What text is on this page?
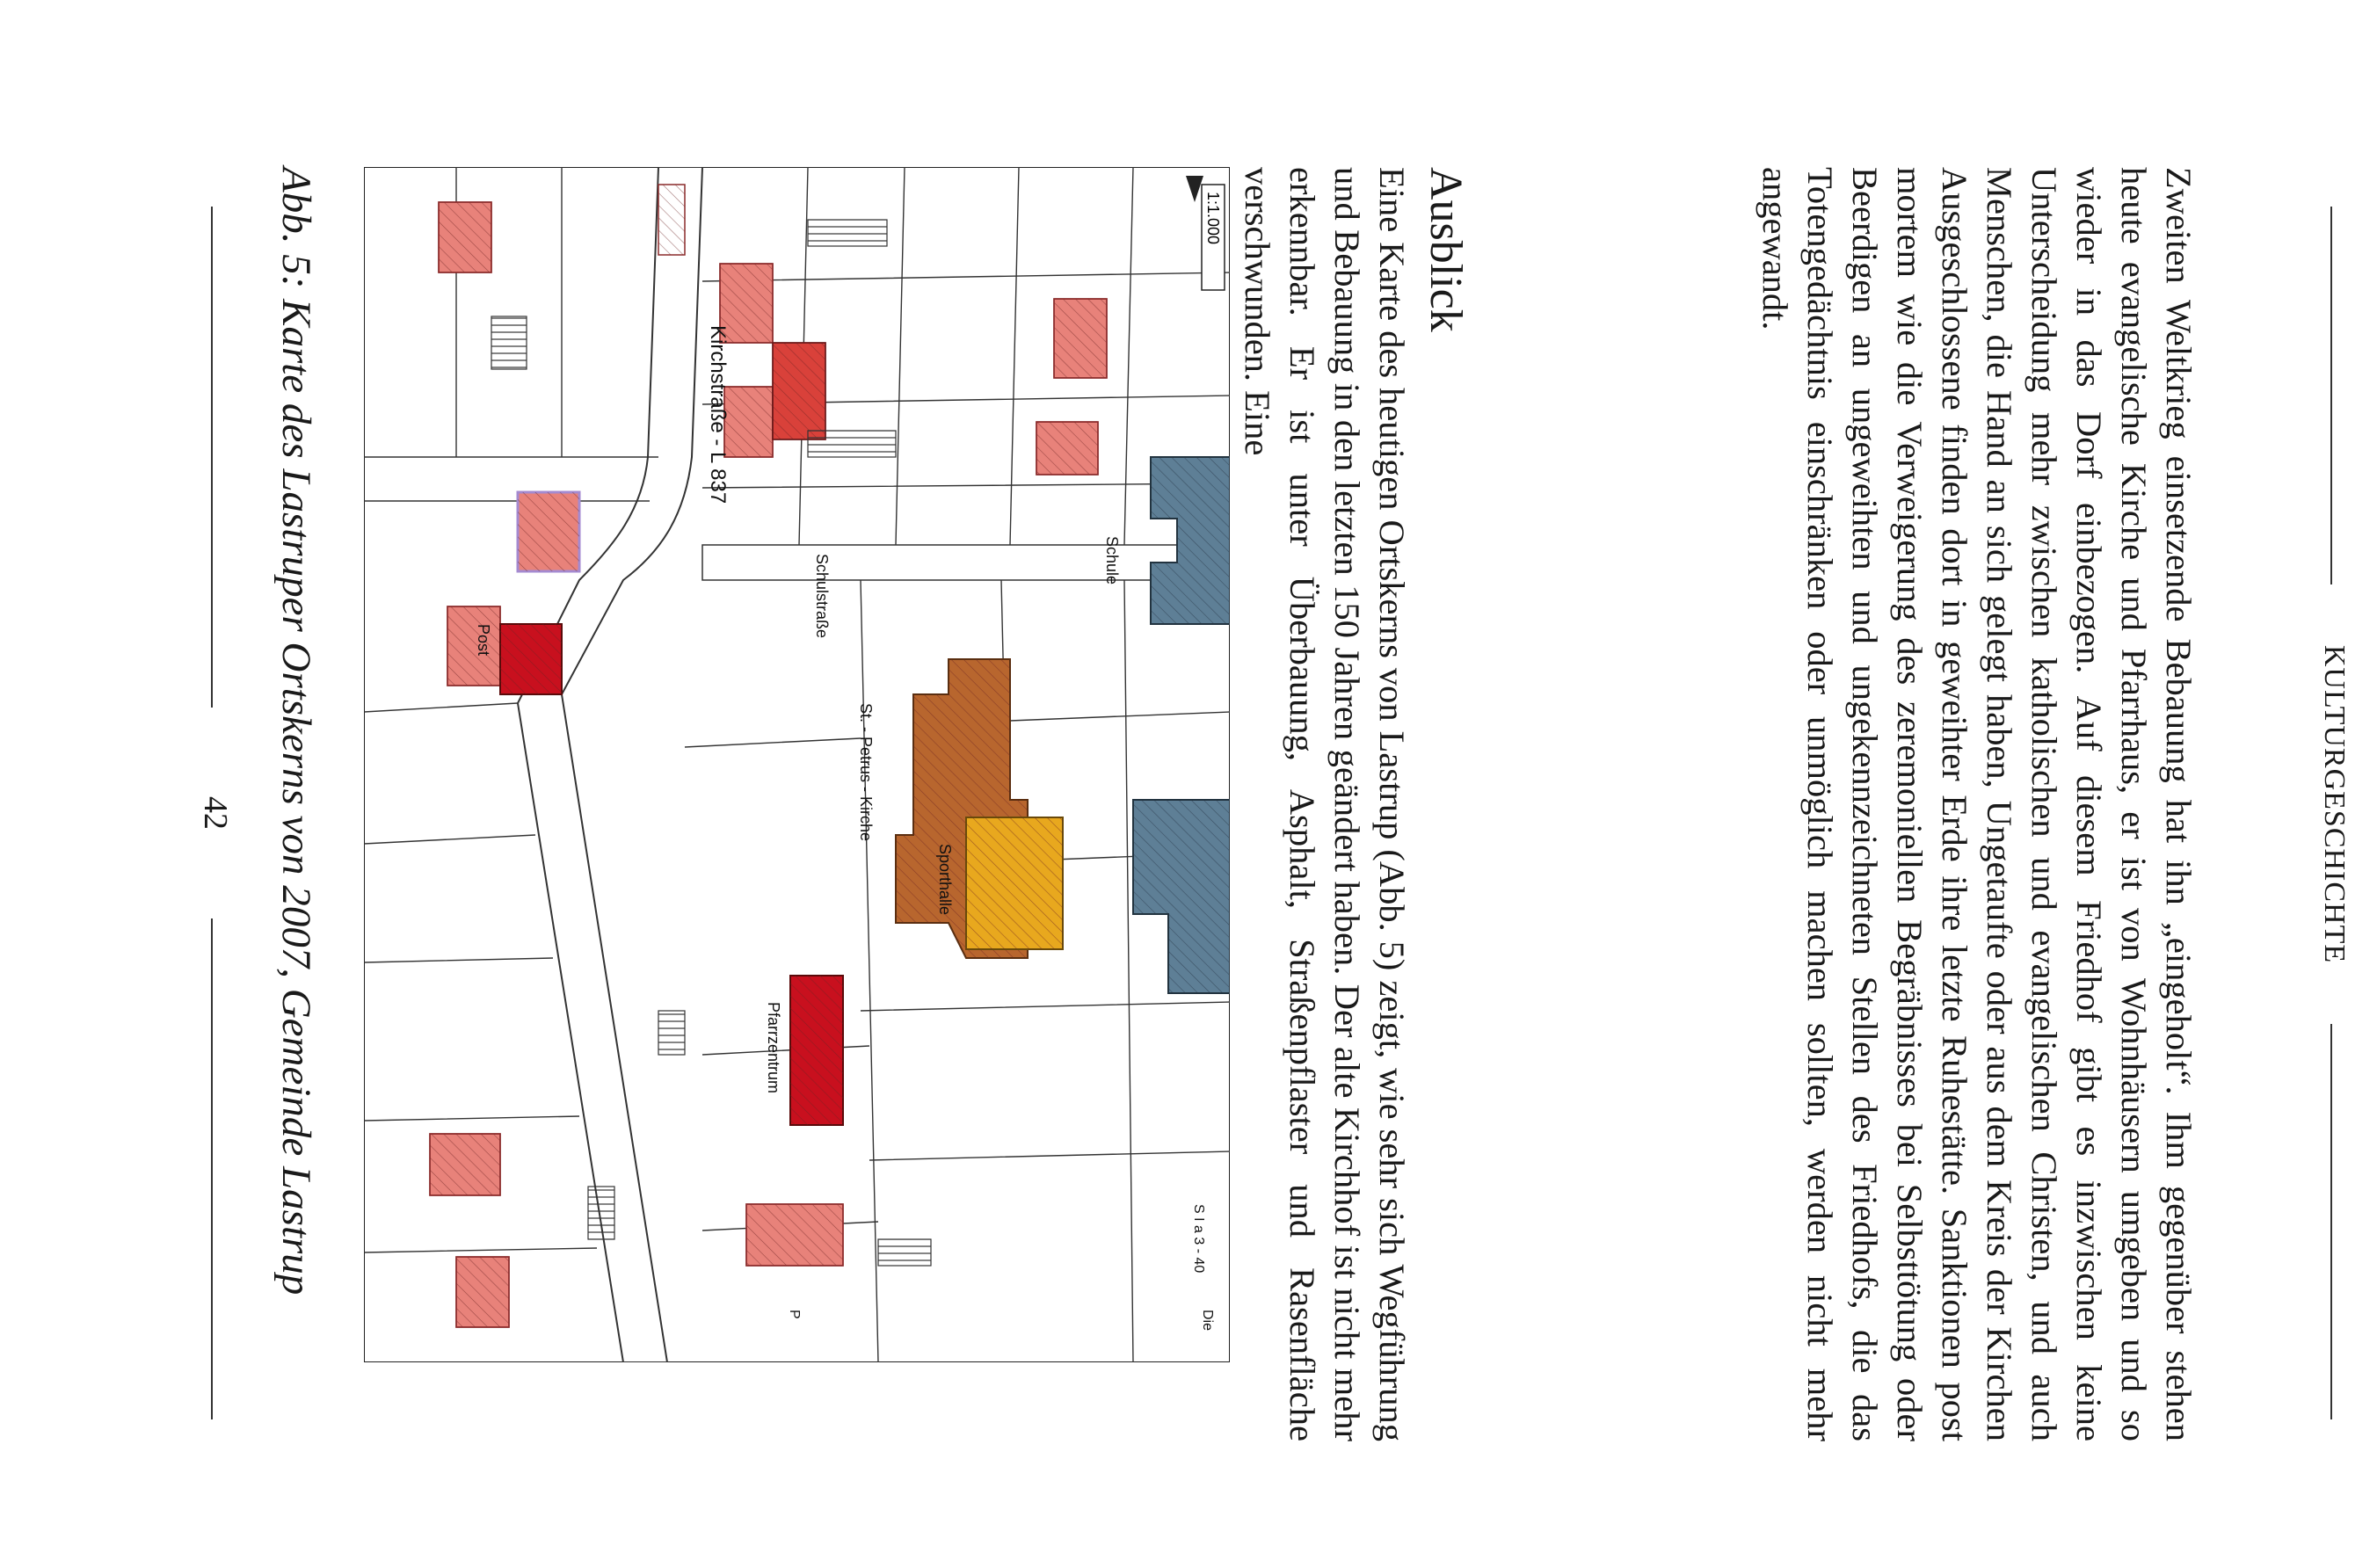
KULTURGESCHICHTE

Zweiten Weltkrieg einsetzende Bebauung hat ihn „eingeholt“. Ihm gegenüber stehen heute evangelische Kirche und Pfarrhaus, er ist von Wohnhäusern umgeben und so wieder in das Dorf einbezogen. Auf diesem Friedhof gibt es inzwischen keine Unterscheidung mehr zwischen katholischen und evangelischen Christen, und auch Menschen, die Hand an sich gelegt haben, Ungetaufte oder aus dem Kreis der Kirchen Ausgeschlossene finden dort in geweihter Erde ihre letzte Ruhestätte. Sanktionen post mortem wie die Verweigerung des zeremoniellen Begräbnisses bei Selbsttötung oder Beerdigen an ungeweihten und ungekennzeichneten Stellen des Friedhofs, die das Totengedächtnis einschränken oder unmöglich machen sollten, werden nicht mehr angewandt.

Ausblick

Eine Karte des heutigen Ortskerns von Lastrup (Abb. 5) zeigt, wie sehr sich Wegführung und Bebauung in den letzten 150 Jahren geändert haben. Der alte Kirchhof ist nicht mehr erkennbar. Er ist unter Überbauung, Asphalt, Straßenpflaster und Rasenfläche verschwunden. Eine

Kirchstraße - L 837
Schulstraße
St. - Petrus - Kirche
Schule
Sporthalle
Pfarrzentrum
Post
Die
P
S I a 3 - 40
1:1.000

Abb. 5: Karte des Lastruper Ortskerns von 2007, Gemeinde Lastrup

42
